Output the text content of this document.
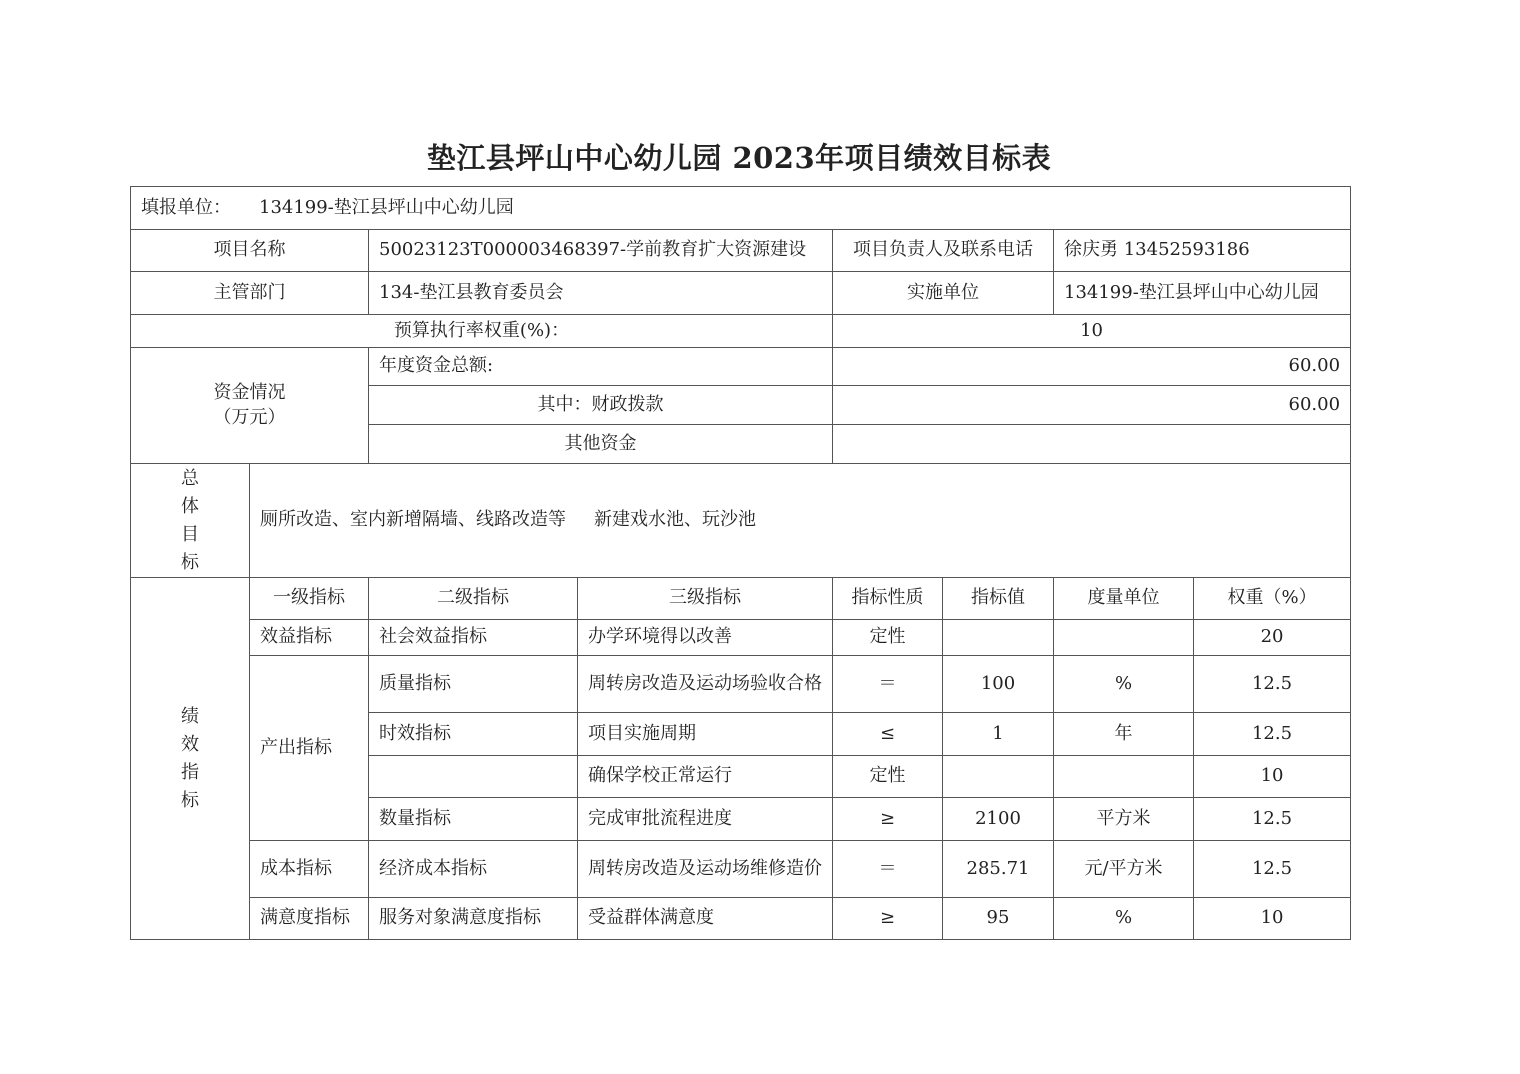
垫江县坪山中心幼儿园 2023年项目绩效目标表
填报单位： 134199-垫江县坪山中心幼儿园							
项目名称		50023123T000003468397-学前教育扩大资源建设		项目负责人及联系电话		徐庆勇 13452593186	
主管部门		134-垫江县教育委员会		实施单位		134199-垫江县坪山中心幼儿园	
预算执行率权重(%)：				10			

资金情况
（万元）		年度资金总额:		60.00			
		其中：财政拨款		60.00			
		其他资金					
总体目标	厕所改造、室内新增隔墙、线路改造等 新建戏水池、玩沙池						
绩效指标	一级指标	二级指标	三级指标	指标性质	指标值	度量单位	权重（%）
	效益指标	社会效益指标	办学环境得以改善	定性			20
	产出指标	质量指标	周转房改造及运动场验收合格	＝	100	%	12.5
		时效指标	项目实施周期	≤	1	年	12.5
			确保学校正常运行	定性			10
		数量指标	完成审批流程进度	≥	2100	平方米	12.5
	成本指标	经济成本指标	周转房改造及运动场维修造价	＝	285.71	元/平方米	12.5
	满意度指标	服务对象满意度指标	受益群体满意度	≥	95	%	10
